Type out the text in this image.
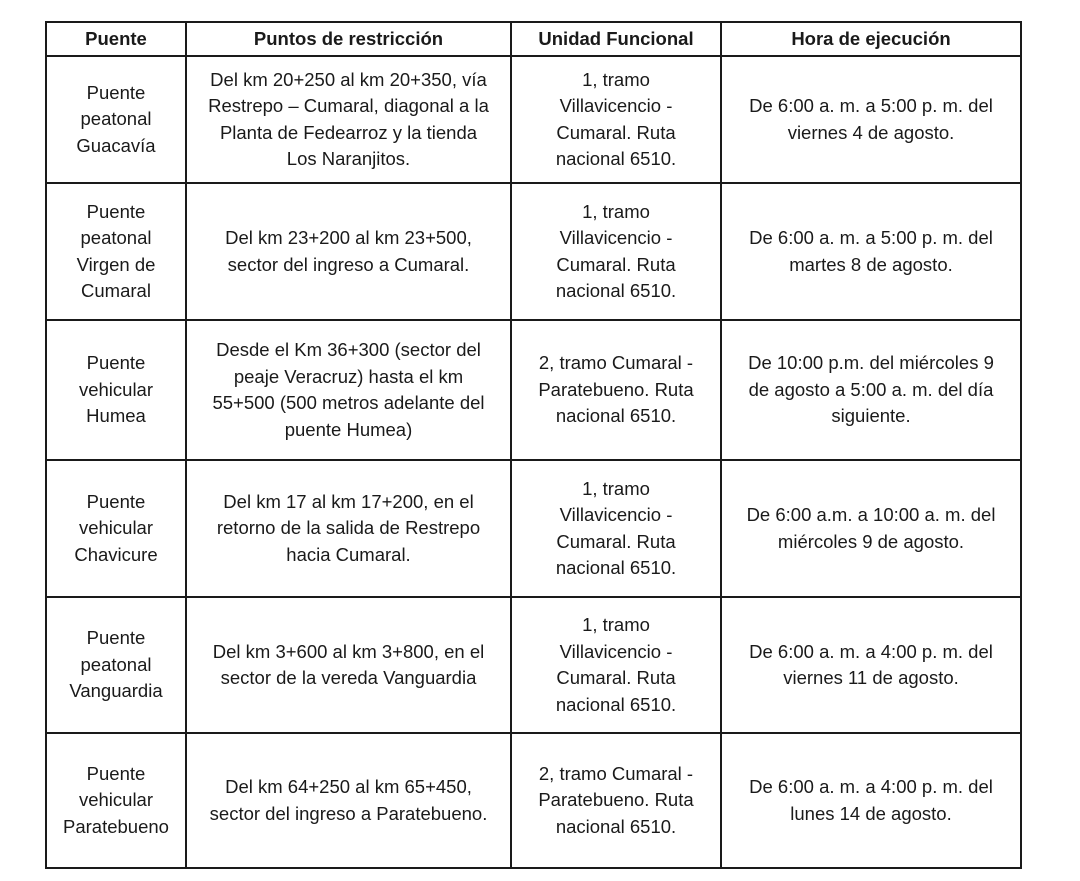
Puente	Puntos de restricción	Unidad Funcional	Hora de ejecución

Puente
peatonal
Guacavía	Del km 20+250 al km 20+350, vía
Restrepo – Cumaral, diagonal a la
Planta de Fedearroz y la tienda
Los Naranjitos.	1, tramo
Villavicencio -
Cumaral. Ruta
nacional 6510.	De 6:00 a. m. a 5:00 p. m. del
viernes 4 de agosto.

Puente
peatonal
Virgen de
Cumaral	Del km 23+200 al km 23+500,
sector del ingreso a Cumaral.	1, tramo
Villavicencio -
Cumaral. Ruta
nacional 6510.	De 6:00 a. m. a 5:00 p. m. del
martes 8 de agosto.

Puente
vehicular
Humea	Desde el Km 36+300 (sector del
peaje Veracruz) hasta el km
55+500 (500 metros adelante del
puente Humea)	2, tramo Cumaral -
Paratebueno. Ruta
nacional 6510.	De 10:00 p.m. del miércoles 9
de agosto a 5:00 a. m. del día
siguiente.

Puente
vehicular
Chavicure	Del km 17 al km 17+200, en el
retorno de la salida de Restrepo
hacia Cumaral.	1, tramo
Villavicencio -
Cumaral. Ruta
nacional 6510.	De 6:00 a.m. a 10:00 a. m. del
miércoles 9 de agosto.

Puente
peatonal
Vanguardia	Del km 3+600 al km 3+800, en el
sector de la vereda Vanguardia	1, tramo
Villavicencio -
Cumaral. Ruta
nacional 6510.	De 6:00 a. m. a 4:00 p. m. del
viernes 11 de agosto.

Puente
vehicular
Paratebueno	Del km 64+250 al km 65+450,
sector del ingreso a Paratebueno.	2, tramo Cumaral -
Paratebueno. Ruta
nacional 6510.	De 6:00 a. m. a 4:00 p. m. del
lunes 14 de agosto.
